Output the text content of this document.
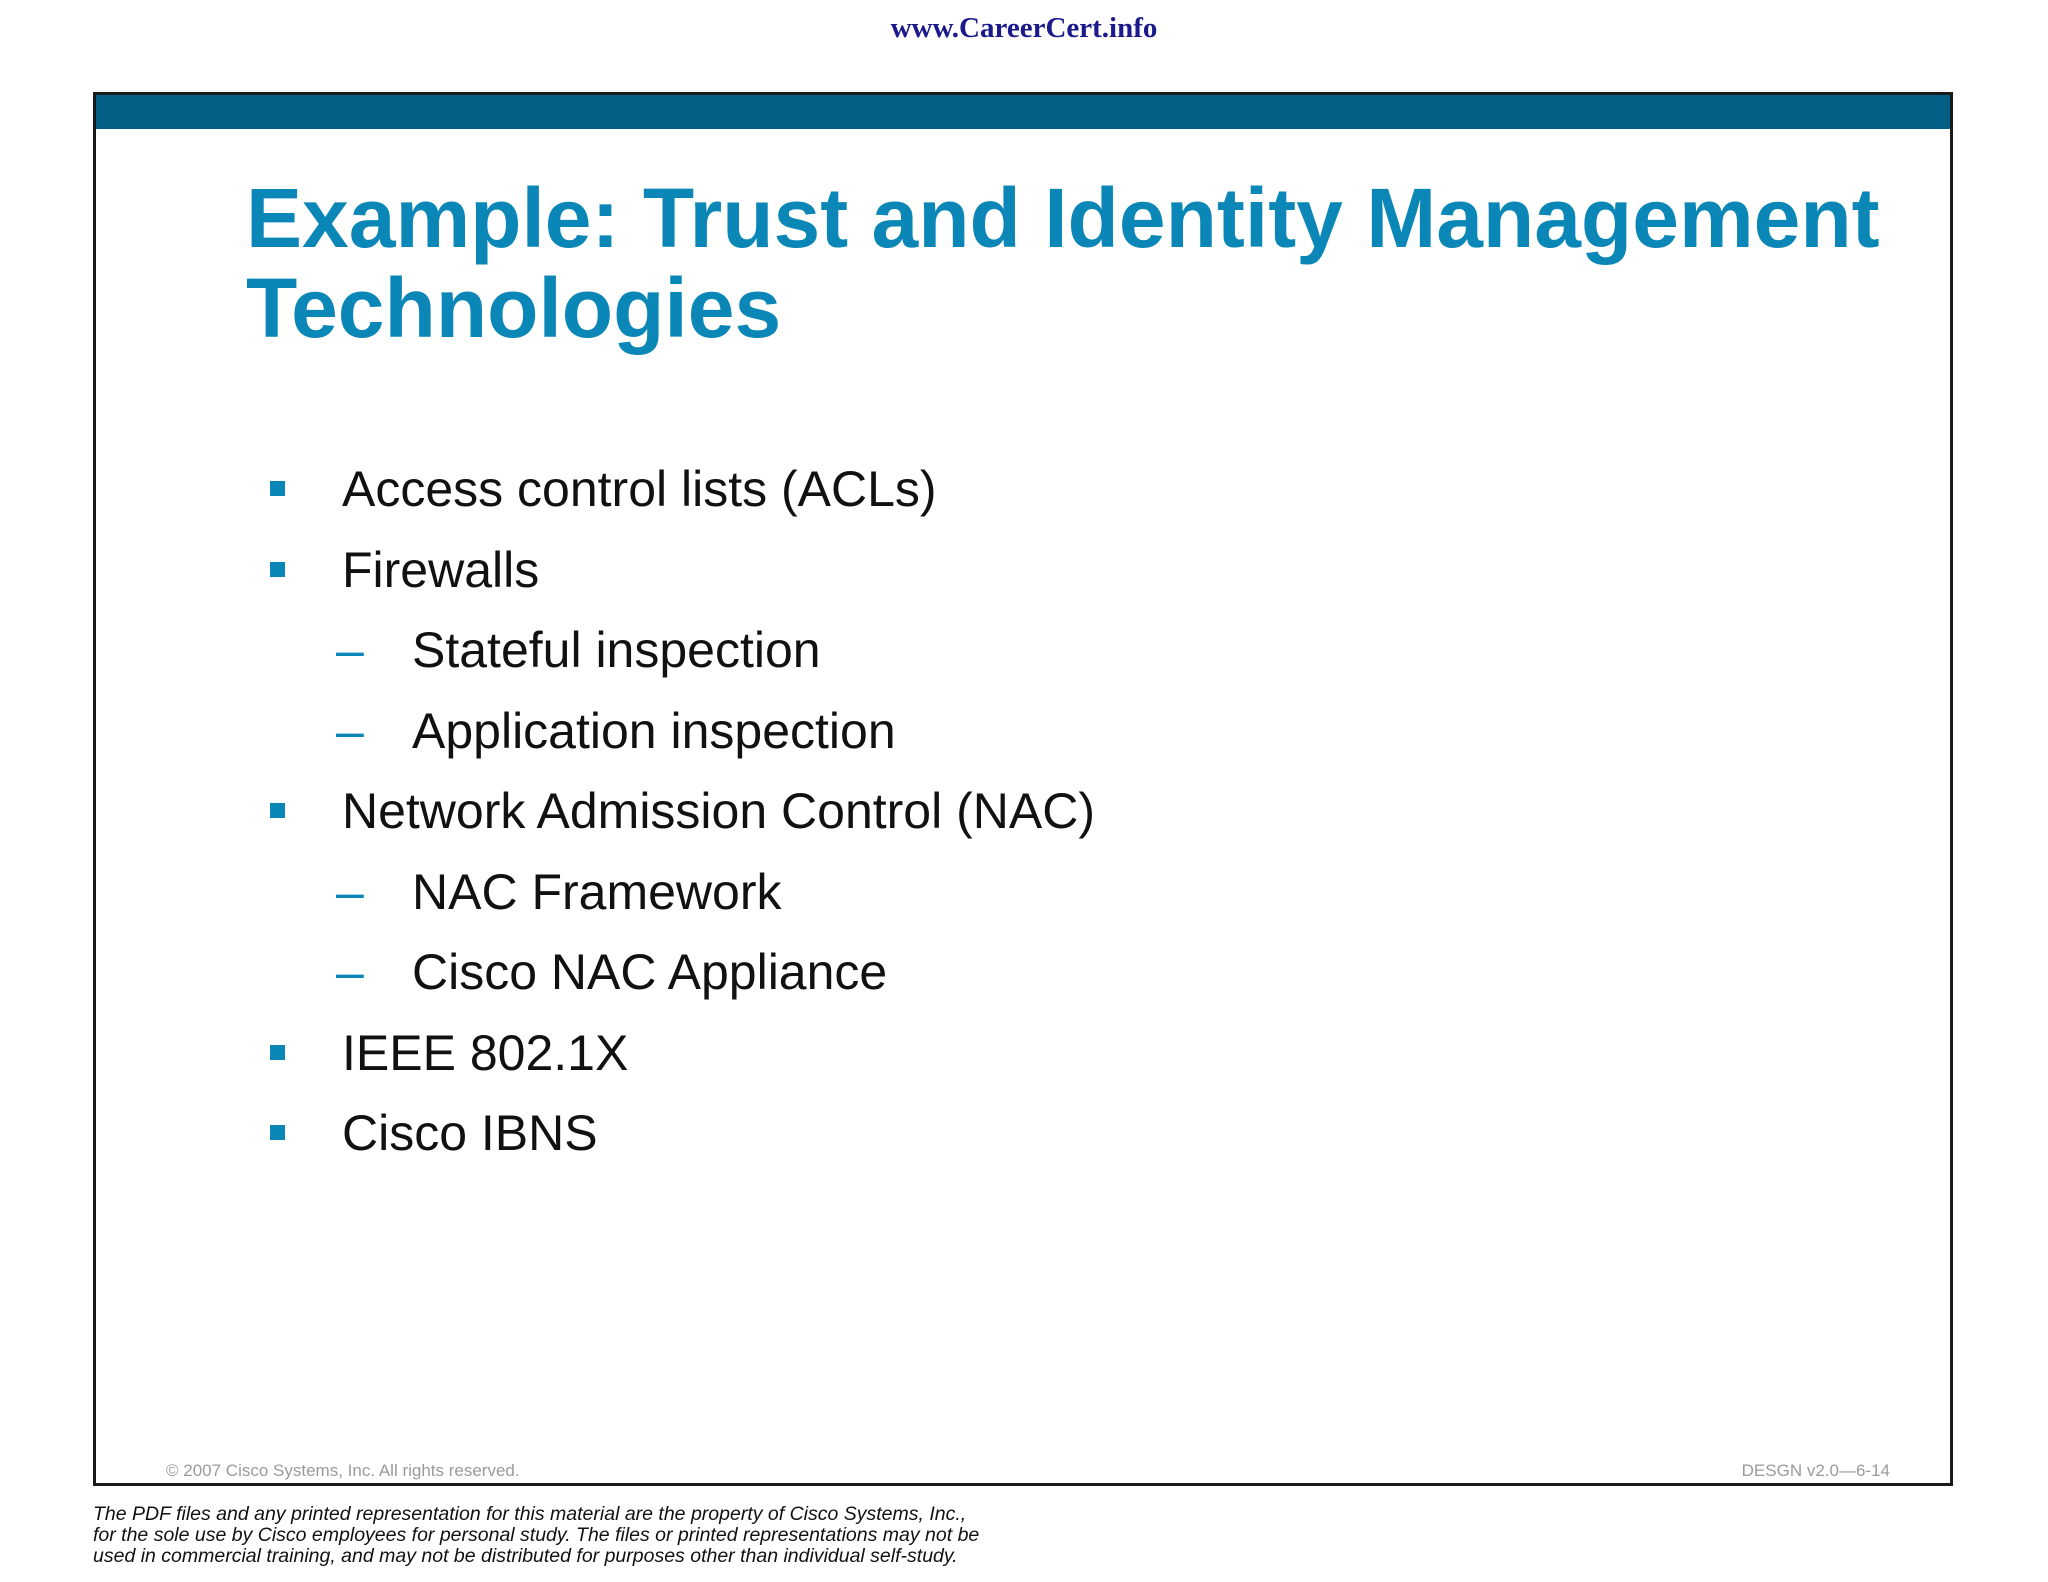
www.CareerCert.info
Example: Trust and Identity Management Technologies
Access control lists (ACLs)
Firewalls
– Stateful inspection
– Application inspection
Network Admission Control (NAC)
– NAC Framework
– Cisco NAC Appliance
IEEE 802.1X
Cisco IBNS
© 2007 Cisco Systems, Inc. All rights reserved.	DESGN v2.0—6-14
The PDF files and any printed representation for this material are the property of Cisco Systems, Inc.,
for the sole use by Cisco employees for personal study. The files or printed representations may not be
used in commercial training, and may not be distributed for purposes other than individual self-study.
